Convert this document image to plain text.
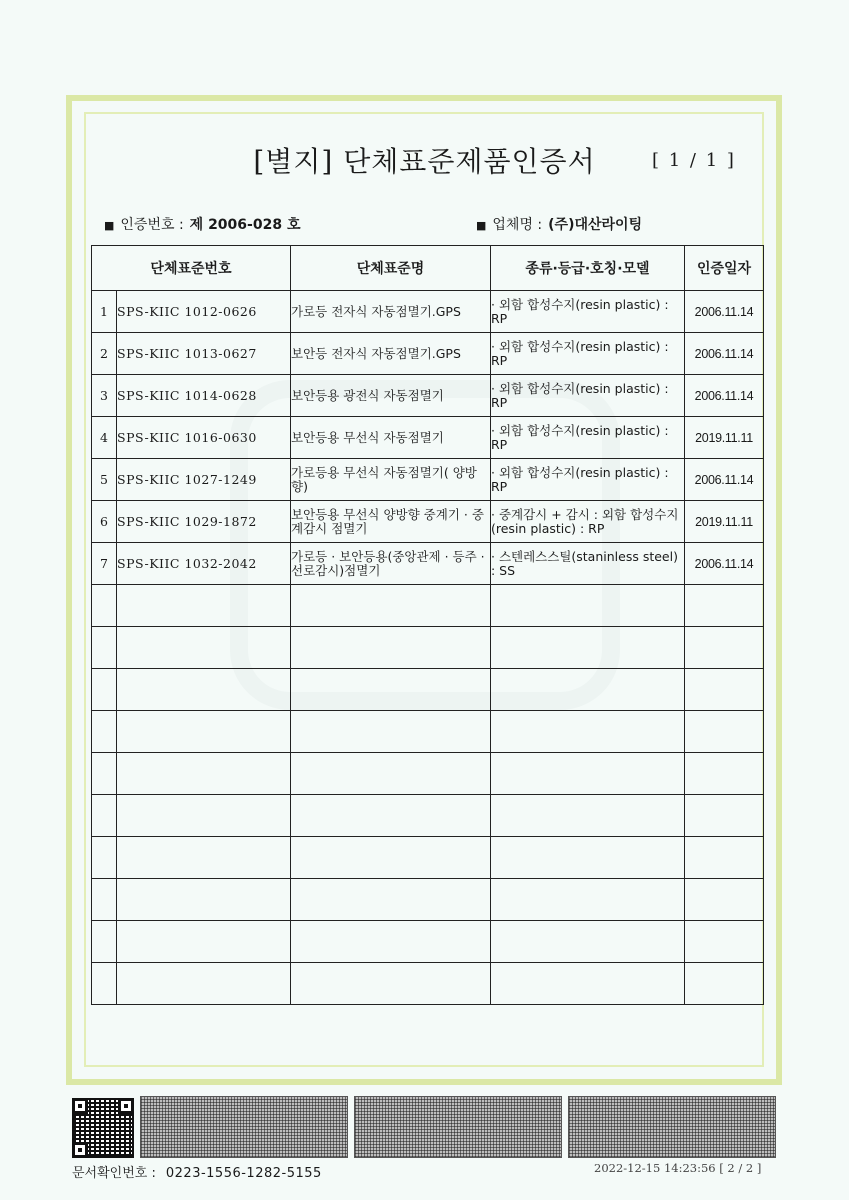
[별지] 단체표준제품인증서	[ 1 / 1 ]
■ 인증번호 : 제 2006-028 호	■ 업체명 : (주)대산라이팅
단체표준번호		단체표준명	종류·등급·호칭·모델	인증일자
1	SPS-KIIC 1012-0626	가로등 전자식 자동점멸기.GPS	· 외함 합성수지(resin plastic) : RP	2006.11.14
2	SPS-KIIC 1013-0627	보안등 전자식 자동점멸기.GPS	· 외함 합성수지(resin plastic) : RP	2006.11.14
3	SPS-KIIC 1014-0628	보안등용 광전식 자동점멸기	· 외함 합성수지(resin plastic) : RP	2006.11.14
4	SPS-KIIC 1016-0630	보안등용 무선식 자동점멸기	· 외함 합성수지(resin plastic) : RP	2019.11.11
5	SPS-KIIC 1027-1249	가로등용 무선식 자동점멸기( 양방향)	· 외함 합성수지(resin plastic) : RP	2006.11.14
6	SPS-KIIC 1029-1872	보안등용 무선식 양방향 중계기 · 중계감시 점멸기	· 중계감시 + 감시 : 외함 합성수지(resin plastic) : RP	2019.11.11
7	SPS-KIIC 1032-2042	가로등 · 보안등용(중앙관제 · 등주 · 선로감시)점멸기	· 스텐레스스틸(staninless steel) : SS	2006.11.14

문서확인번호 : 0223-1556-1282-5155	2022-12-15 14:23:56 [ 2 / 2 ]
